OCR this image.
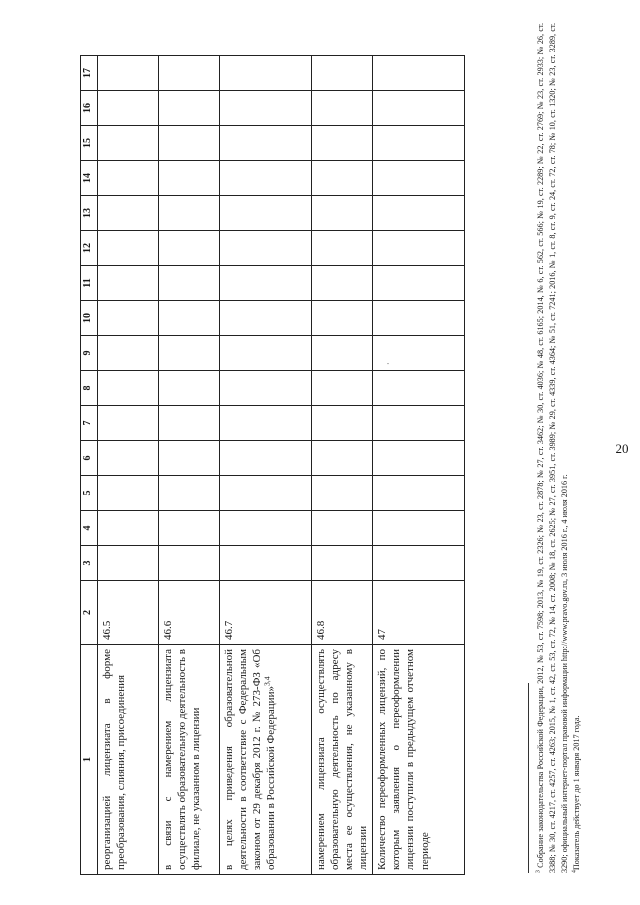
20
·
1	2	3	4	5	6	7	8	9	10	11	12	13	14	15	16	17
реорганизацией лицензиата в форме преобразования, слияния, присоединения	46.5															
в связи с намерением лицензиата осуществлять образовательную деятельность в филиале, не указанном в лицензии	46.6															
в целях приведения образовательной деятельности в соответствие с Федеральным законом от 29 декабря 2012 г. № 273-ФЗ «Об образовании в Российской Федерации»$^{3,4}$	46.7															
намерением лицензиата осуществлять образовательную деятельность по адресу места ее осуществления, не указанному в лицензии	46.8															
Количество переоформленных лицензий, по которым заявления о переоформлении лицензии поступили в предыдущем отчетном периоде	47															

$^3$ Собрание законодательства Российской Федерации, 2012, № 53, ст. 7598; 2013, № 19, ст. 2326; № 23, ст. 2878; № 27, ст. 3462; № 30, ст. 4036; № 48, ст. 6165; 2014, № 6, ст. 562, ст. 566; № 19, ст. 2289; № 22, ст. 2769; № 23, ст. 2933; № 26, ст. 3388; № 30, ст. 4217, ст. 4257, ст. 4263; 2015, № 1, ст. 42, ст. 53, ст. 72, № 14, ст. 2008; № 18, ст. 2625; № 27, ст. 3951, ст. 3989; № 29, ст. 4339, ст. 4364; № 51, ст. 7241; 2016, № 1, ст. 8, ст. 9, ст. 24, ст. 72, ст. 78; № 10, ст. 1320; № 23, ст. 3289, ст. 3290; официальный интернет-портал правовой информации http://www.pravo.gov.ru, 3 июля 2016 г., 4 июля 2016 г. $^4$Показатель действует до 1 января 2017 года.
